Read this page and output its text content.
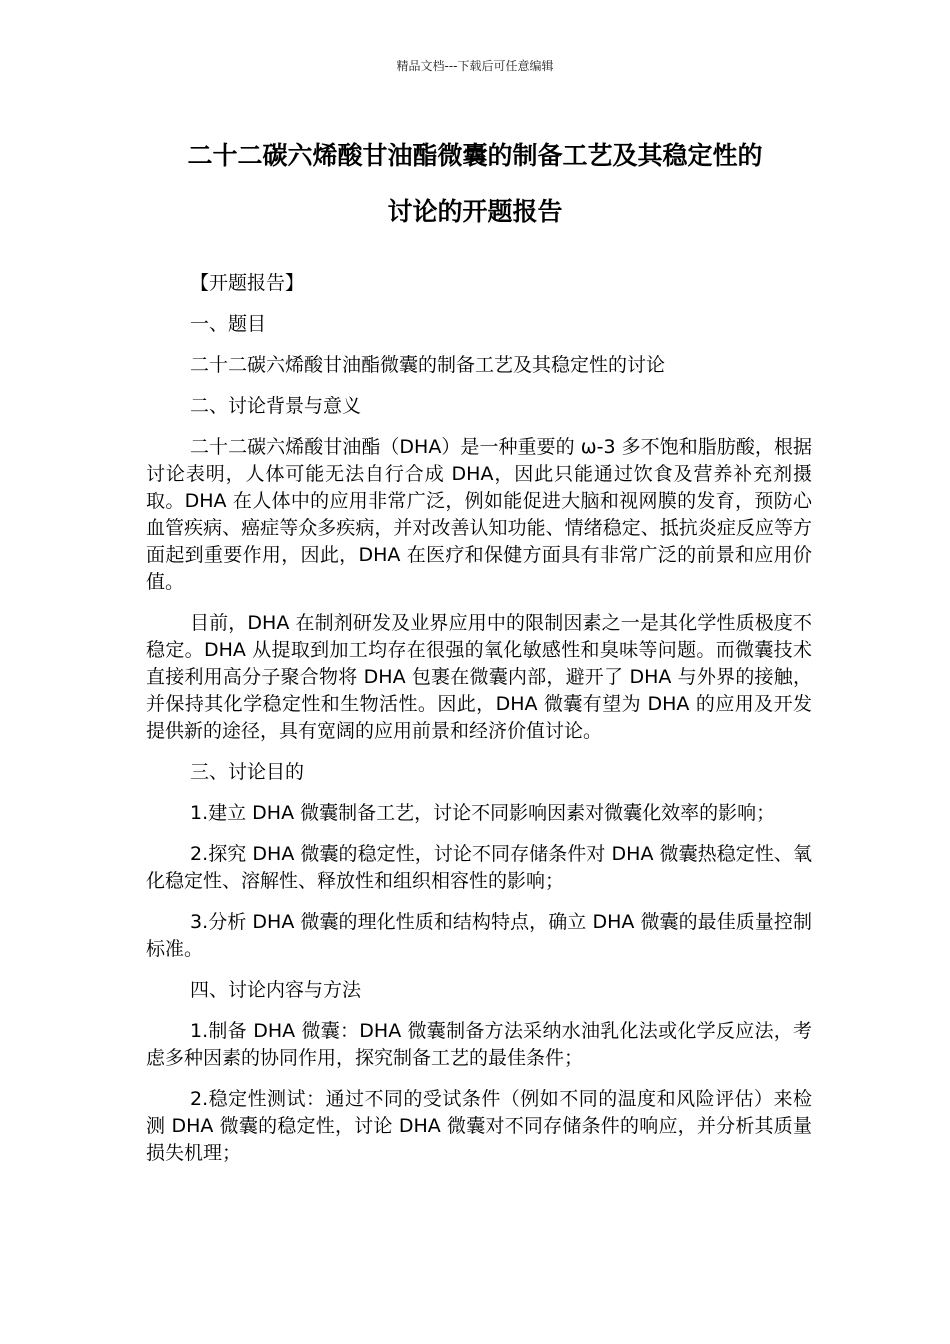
精品文档---下载后可任意编辑
二十二碳六烯酸甘油酯微囊的制备工艺及其稳定性的
讨论的开题报告

【开题报告】

一、题目

二十二碳六烯酸甘油酯微囊的制备工艺及其稳定性的讨论

二、讨论背景与意义

二十二碳六烯酸甘油酯（DHA）是一种重要的 ω-3 多不饱和脂肪酸，根据讨论表明，人体可能无法自行合成 DHA，因此只能通过饮食及营养补充剂摄取。DHA 在人体中的应用非常广泛，例如能促进大脑和视网膜的发育，预防心血管疾病、癌症等众多疾病，并对改善认知功能、情绪稳定、抵抗炎症反应等方面起到重要作用，因此，DHA 在医疗和保健方面具有非常广泛的前景和应用价值。

目前，DHA 在制剂研发及业界应用中的限制因素之一是其化学性质极度不稳定。DHA 从提取到加工均存在很强的氧化敏感性和臭味等问题。而微囊技术直接利用高分子聚合物将 DHA 包裹在微囊内部，避开了 DHA 与外界的接触，并保持其化学稳定性和生物活性。因此，DHA 微囊有望为 DHA 的应用及开发提供新的途径，具有宽阔的应用前景和经济价值讨论。

三、讨论目的

1.建立 DHA 微囊制备工艺，讨论不同影响因素对微囊化效率的影响；

2.探究 DHA 微囊的稳定性，讨论不同存储条件对 DHA 微囊热稳定性、氧化稳定性、溶解性、释放性和组织相容性的影响；

3.分析 DHA 微囊的理化性质和结构特点，确立 DHA 微囊的最佳质量控制标准。

四、讨论内容与方法

1.制备 DHA 微囊：DHA 微囊制备方法采纳水油乳化法或化学反应法，考虑多种因素的协同作用，探究制备工艺的最佳条件；

2.稳定性测试：通过不同的受试条件（例如不同的温度和风险评估）来检测 DHA 微囊的稳定性，讨论 DHA 微囊对不同存储条件的响应，并分析其质量损失机理；
